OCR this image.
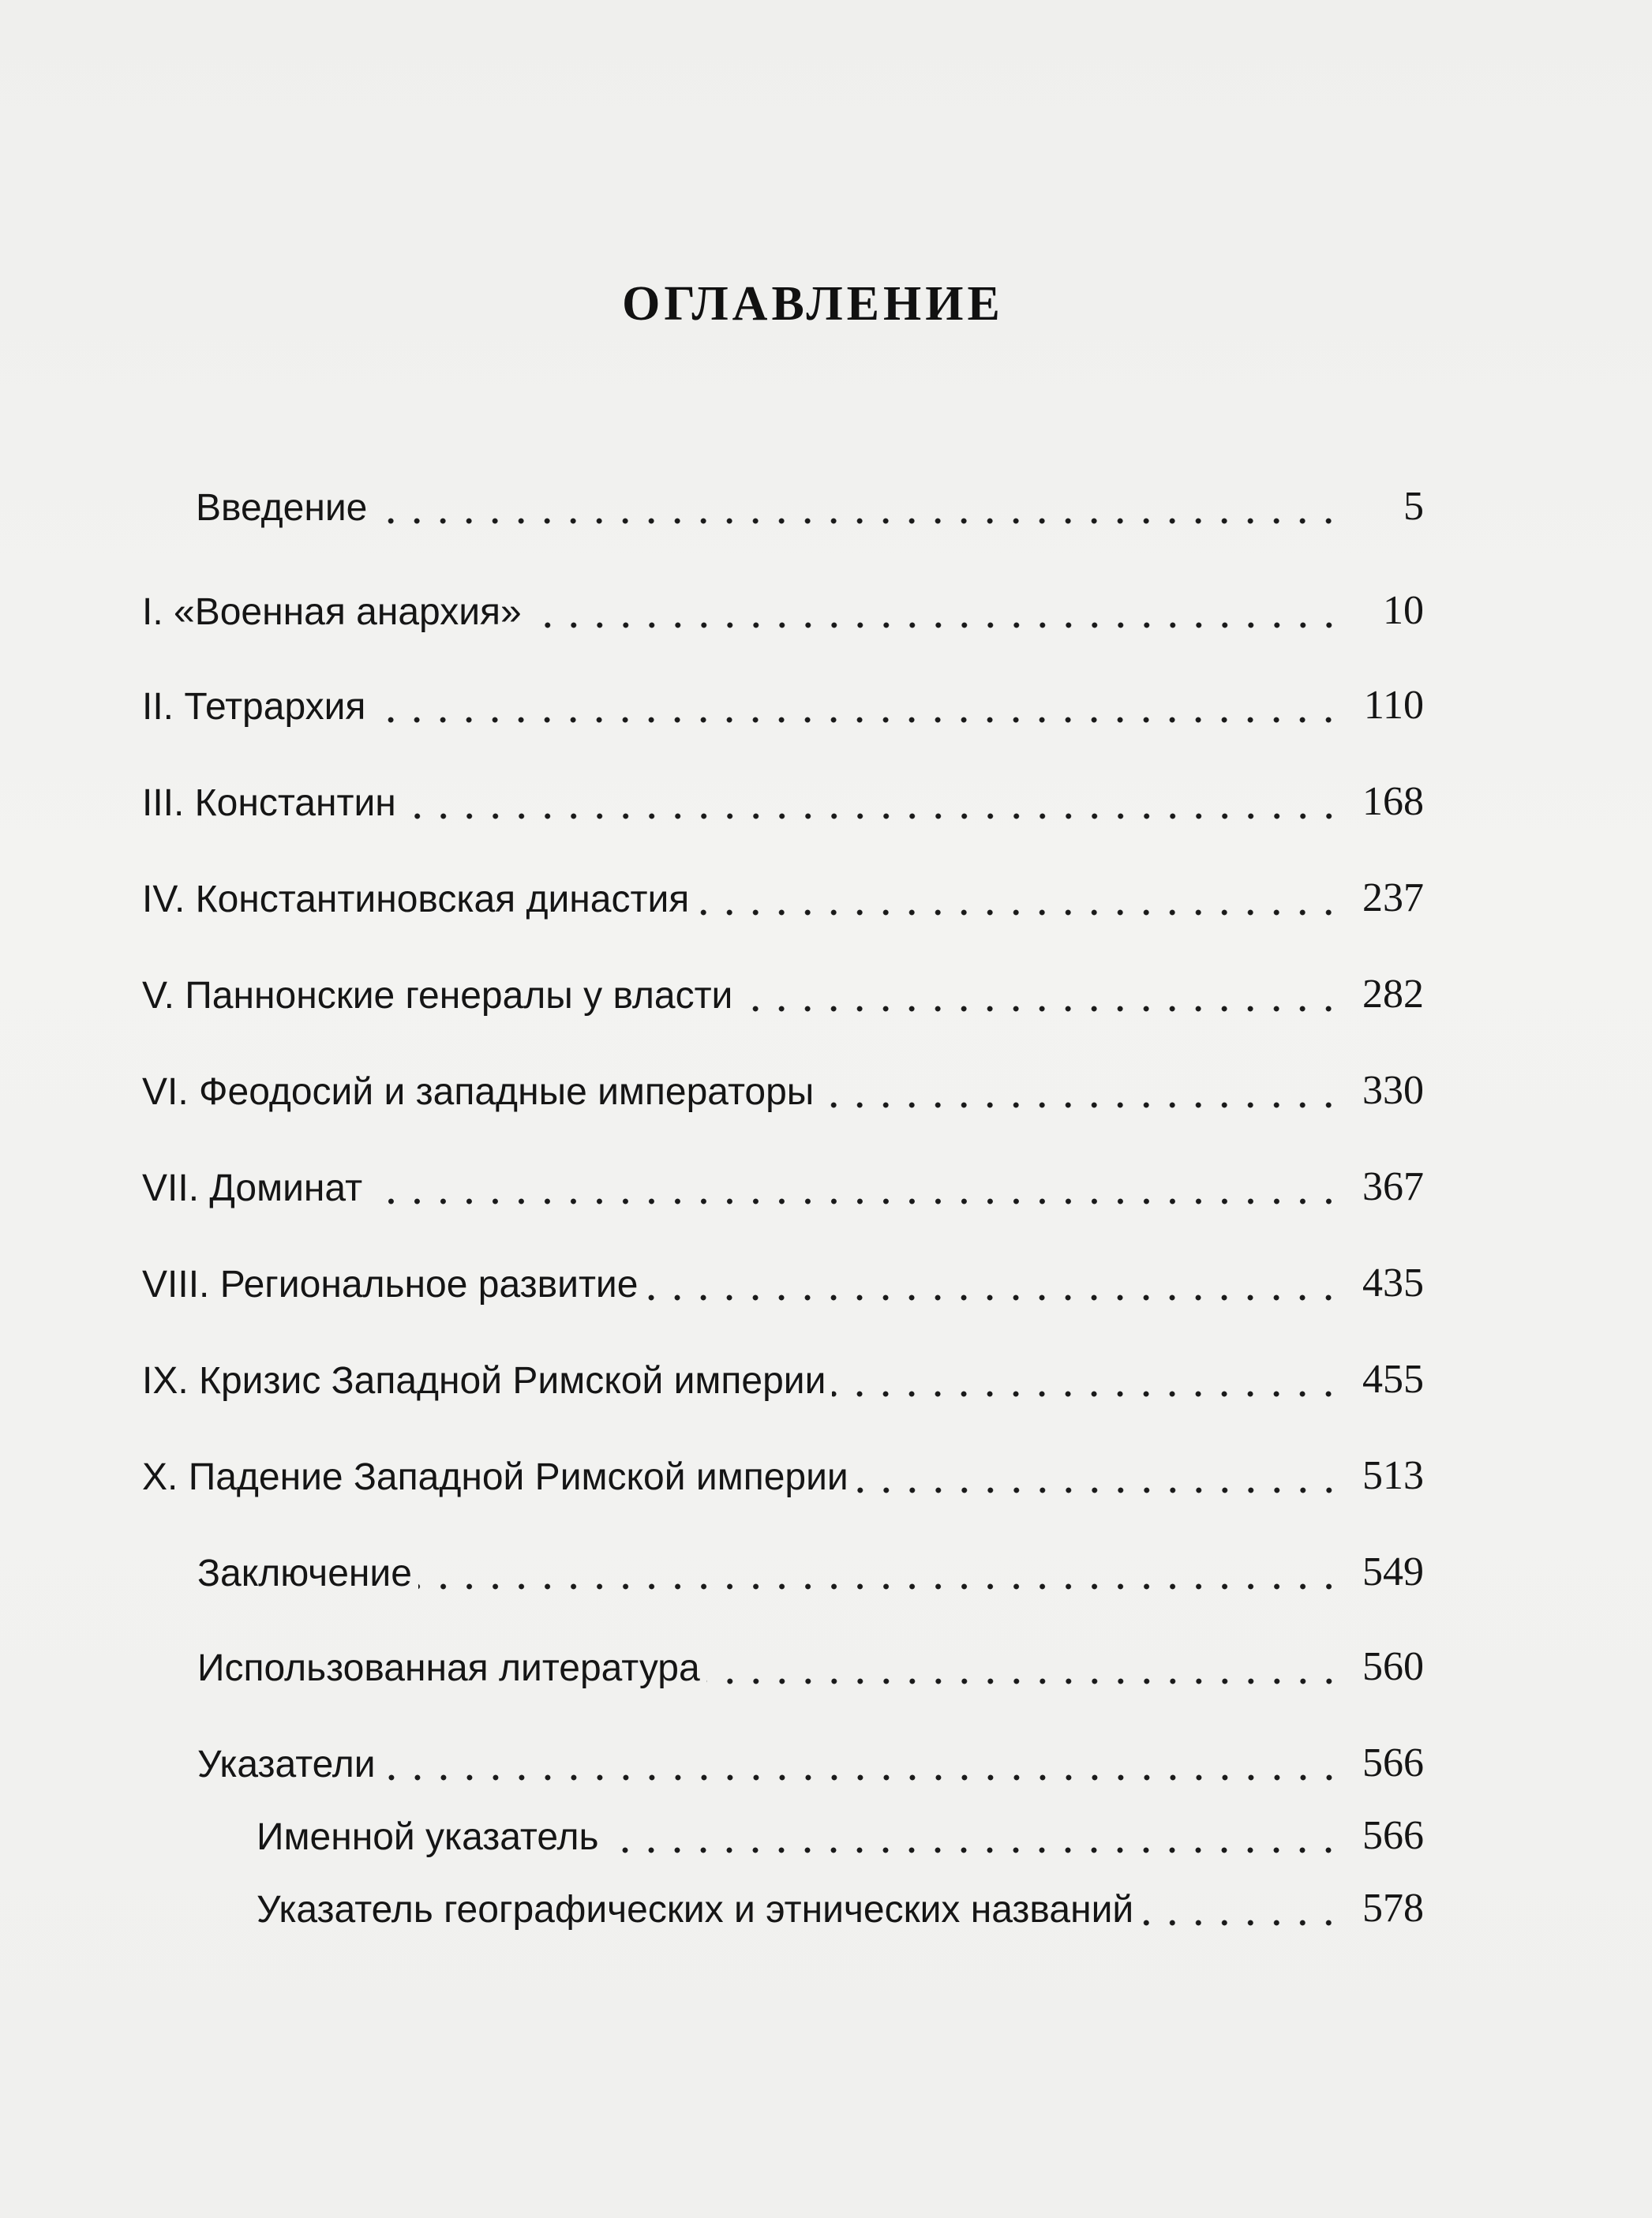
ОГЛАВЛЕНИЕ
Введение	5
I. «Военная анархия»	10
II. Тетрархия	110
III. Константин	168
IV. Константиновская династия	237
V. Паннонские генералы у власти	282
VI. Феодосий и западные императоры	330
VII. Доминат	367
VIII. Региональное развитие	435
IX. Кризис Западной Римской империи	455
X. Падение Западной Римской империи	513
Заключение	549
Использованная литература	560
Указатели	566
Именной указатель	566
Указатель географических и этнических названий	578
